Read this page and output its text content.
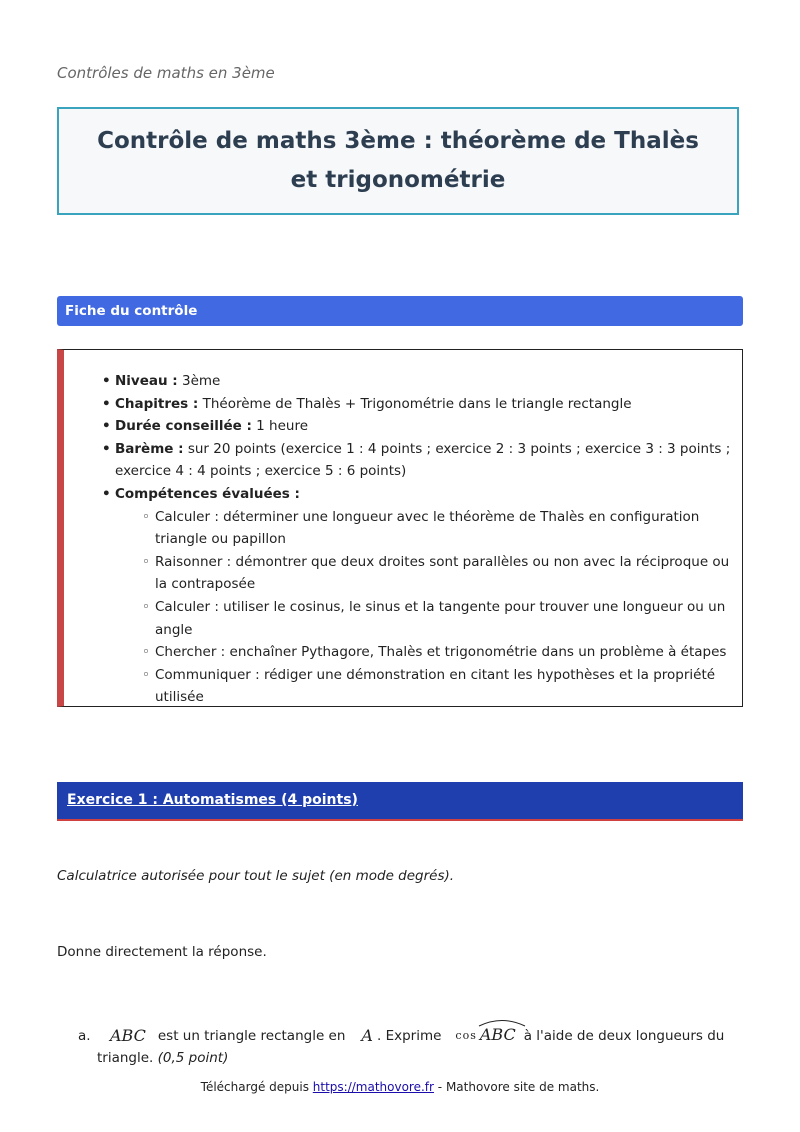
Contrôles de maths en 3ème
Contrôle de maths 3ème : théorème de Thalès et trigonométrie
Fiche du contrôle
• Niveau : 3ème
• Chapitres : Théorème de Thalès + Trigonométrie dans le triangle rectangle
• Durée conseillée : 1 heure
• Barème : sur 20 points (exercice 1 : 4 points ; exercice 2 : 3 points ; exercice 3 : 3 points ; exercice 4 : 4 points ; exercice 5 : 6 points)
• Compétences évaluées :
◦ Calculer : déterminer une longueur avec le théorème de Thalès en configuration triangle ou papillon
◦ Raisonner : démontrer que deux droites sont parallèles ou non avec la réciproque ou la contraposée
◦ Calculer : utiliser le cosinus, le sinus et la tangente pour trouver une longueur ou un angle
◦ Chercher : enchaîner Pythagore, Thalès et trigonométrie dans un problème à étapes
◦ Communiquer : rédiger une démonstration en citant les hypothèses et la propriété utilisée
Exercice 1 : Automatismes (4 points)
Calculatrice autorisée pour tout le sujet (en mode degrés).
Donne directement la réponse.
a.	ABC est un triangle rectangle en A . Exprime cos ABC à l'aide de deux longueurs du
triangle. (0,5 point)
Téléchargé depuis https://mathovore.fr - Mathovore site de maths.
